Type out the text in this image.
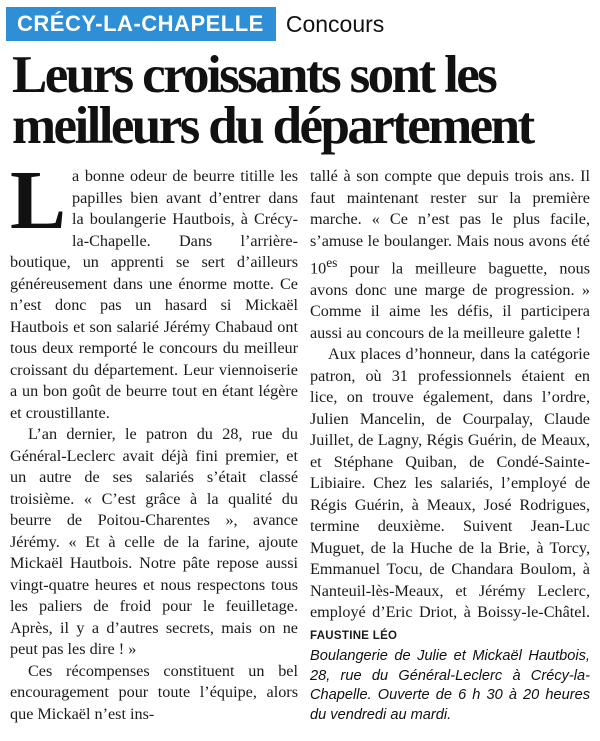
CRÉCY-LA-CHAPELLE Concours
Leurs croissants sont les meilleurs du département
L a bonne odeur de beurre titille les papilles bien avant d’entrer dans la boulangerie Hautbois, à Crécy-la-Chapelle. Dans l’arrière-boutique, un apprenti se sert d’ailleurs généreusement dans une énorme motte. Ce n’est donc pas un hasard si Mickaël Hautbois et son salarié Jérémy Chabaud ont tous deux remporté le concours du meilleur croissant du département. Leur viennoiserie a un bon goût de beurre tout en étant légère et croustillante.

L’an dernier, le patron du 28, rue du Général-Leclerc avait déjà fini premier, et un autre de ses salariés s’était classé troisième. « C’est grâce à la qualité du beurre de Poitou-Charentes », avance Jérémy. « Et à celle de la farine, ajoute Mickaël Hautbois. Notre pâte repose aussi vingt-quatre heures et nous respectons tous les paliers de froid pour le feuilletage. Après, il y a d’autres secrets, mais on ne peut pas les dire ! »

Ces récompenses constituent un bel encouragement pour toute l’équipe, alors que Mickaël n’est ins-

tallé à son compte que depuis trois ans. Il faut maintenant rester sur la première marche. « Ce n’est pas le plus facile, s’amuse le boulanger. Mais nous avons été $10^{es}$ pour la meilleure baguette, nous avons donc une marge de progression. » Comme il aime les défis, il participera aussi au concours de la meilleure galette !

Aux places d’honneur, dans la catégorie patron, où 31 professionnels étaient en lice, on trouve également, dans l’ordre, Julien Mancelin, de Courpalay, Claude Juillet, de Lagny, Régis Guérin, de Meaux, et Stéphane Quiban, de Condé-Sainte-Libiaire. Chez les salariés, l’employé de Régis Guérin, à Meaux, José Rodrigues, termine deuxième. Suivent Jean-Luc Muguet, de la Huche de la Brie, à Torcy, Emmanuel Tocu, de Chandara Boulom, à Nanteuil-lès-Meaux, et Jérémy Leclerc, employé d’Eric Driot, à Boissy-le-Châtel. FAUSTINE LÉO

Boulangerie de Julie et Mickaël Hautbois, 28, rue du Général-Leclerc à Crécy-la-Chapelle. Ouverte de 6 h 30 à 20 heures du vendredi au mardi.
